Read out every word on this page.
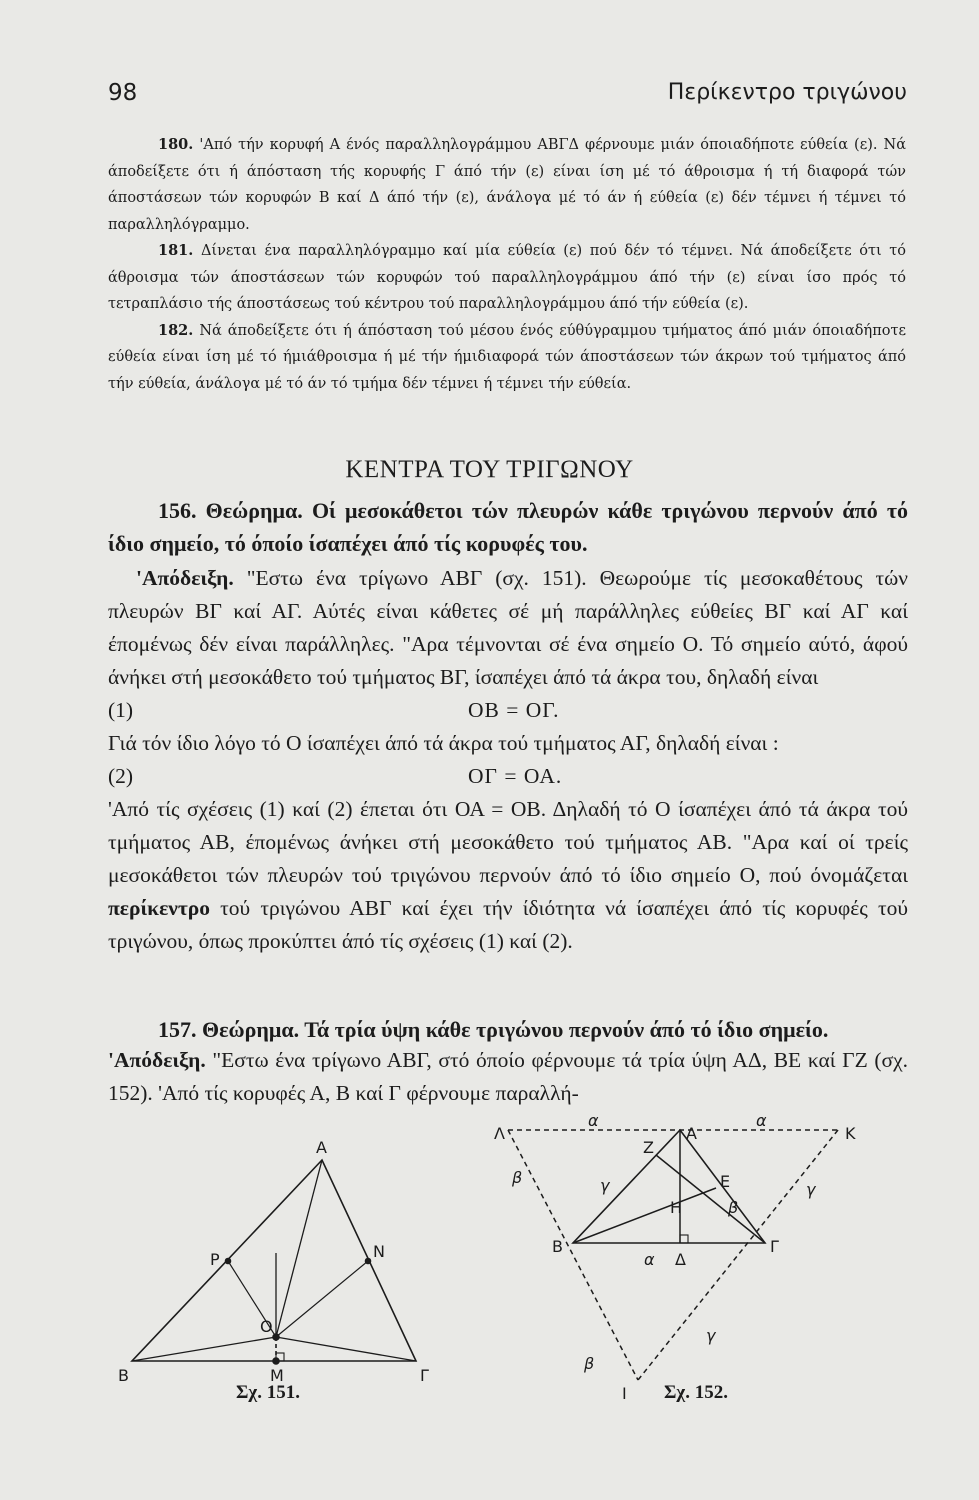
98	Περίκεντρο τριγώνου

180. 'Από τήν κορυφή Α ένός παραλληλογράμμου ΑΒΓΔ φέρνουμε μιάν όποιαδήποτε εύθεία (ε). Νά άποδείξετε ότι ή άπόσταση τής κορυφής Γ άπό τήν (ε) είναι ίση μέ τό άθροισμα ή τή διαφορά τών άποστάσεων τών κορυφών Β καί Δ άπό τήν (ε), άνάλογα μέ τό άν ή εύθεία (ε) δέν τέμνει ή τέμνει τό παραλληλόγραμμο.

181. Δίνεται ένα παραλληλόγραμμο καί μία εύθεία (ε) πού δέν τό τέμνει. Νά άποδείξετε ότι τό άθροισμα τών άποστάσεων τών κορυφών τού παραλληλογράμμου άπό τήν (ε) είναι ίσο πρός τό τετραπλάσιο τής άποστάσεως τού κέντρου τού παραλληλογράμμου άπό τήν εύθεία (ε).

182. Νά άποδείξετε ότι ή άπόσταση τού μέσου ένός εύθύγραμμου τμήματος άπό μιάν όποιαδήποτε εύθεία είναι ίση μέ τό ήμιάθροισμα ή μέ τήν ήμιδιαφορά τών άποστάσεων τών άκρων τού τμήματος άπό τήν εύθεία, άνάλογα μέ τό άν τό τμήμα δέν τέμνει ή τέμνει τήν εύθεία.

ΚΕΝΤΡΑ ΤΟΥ ΤΡΙΓΩΝΟΥ
156. Θεώρημα. Οί μεσοκάθετοι τών πλευρών κάθε τριγώνου περνούν άπό τό ίδιο σημείο, τό όποίο ίσαπέχει άπό τίς κορυφές του.

'Απόδειξη. "Εστω ένα τρίγωνο ΑΒΓ (σχ. 151). Θεωρούμε τίς μεσοκαθέτους τών πλευρών ΒΓ καί ΑΓ. Αύτές είναι κάθετες σέ μή παράλληλες εύθείες ΒΓ καί ΑΓ καί έπομένως δέν είναι παράλληλες. "Αρα τέμνονται σέ ένα σημείο Ο. Τό σημείο αύτό, άφού άνήκει στή μεσοκάθετο τού τμήματος ΒΓ, ίσαπέχει άπό τά άκρα του, δηλαδή είναι

(1)	ΟΒ = ΟΓ.

Γιά τόν ίδιο λόγο τό Ο ίσαπέχει άπό τά άκρα τού τμήματος ΑΓ, δηλαδή είναι :

(2)	ΟΓ = ΟΑ.

'Από τίς σχέσεις (1) καί (2) έπεται ότι ΟΑ = ΟΒ. Δηλαδή τό Ο ίσαπέχει άπό τά άκρα τού τμήματος ΑΒ, έπομένως άνήκει στή μεσοκάθετο τού τμήματος ΑΒ. "Αρα καί οί τρείς μεσοκάθετοι τών πλευρών τού τριγώνου περνούν άπό τό ίδιο σημείο Ο, πού όνομάζεται περίκεντρο τού τριγώνου ΑΒΓ καί έχει τήν ίδιότητα νά ίσαπέχει άπό τίς κορυφές τού τριγώνου, όπως προκύπτει άπό τίς σχέσεις (1) καί (2).

157. Θεώρημα. Τά τρία ύψη κάθε τριγώνου περνούν άπό τό ίδιο σημείο.

'Απόδειξη. "Εστω ένα τρίγωνο ΑΒΓ, στό όποίο φέρνουμε τά τρία ύψη ΑΔ, ΒΕ καί ΓΖ (σχ. 152). 'Από τίς κορυφές Α, Β καί Γ φέρνουμε παραλλή-

A
B	Γ
M
O
P	N
Λ	K
I
A
B	Γ
Δ
Z
E
H
α	α
α
β	γ
β
γ
β
γ
Σχ. 151.	Σχ. 152.
